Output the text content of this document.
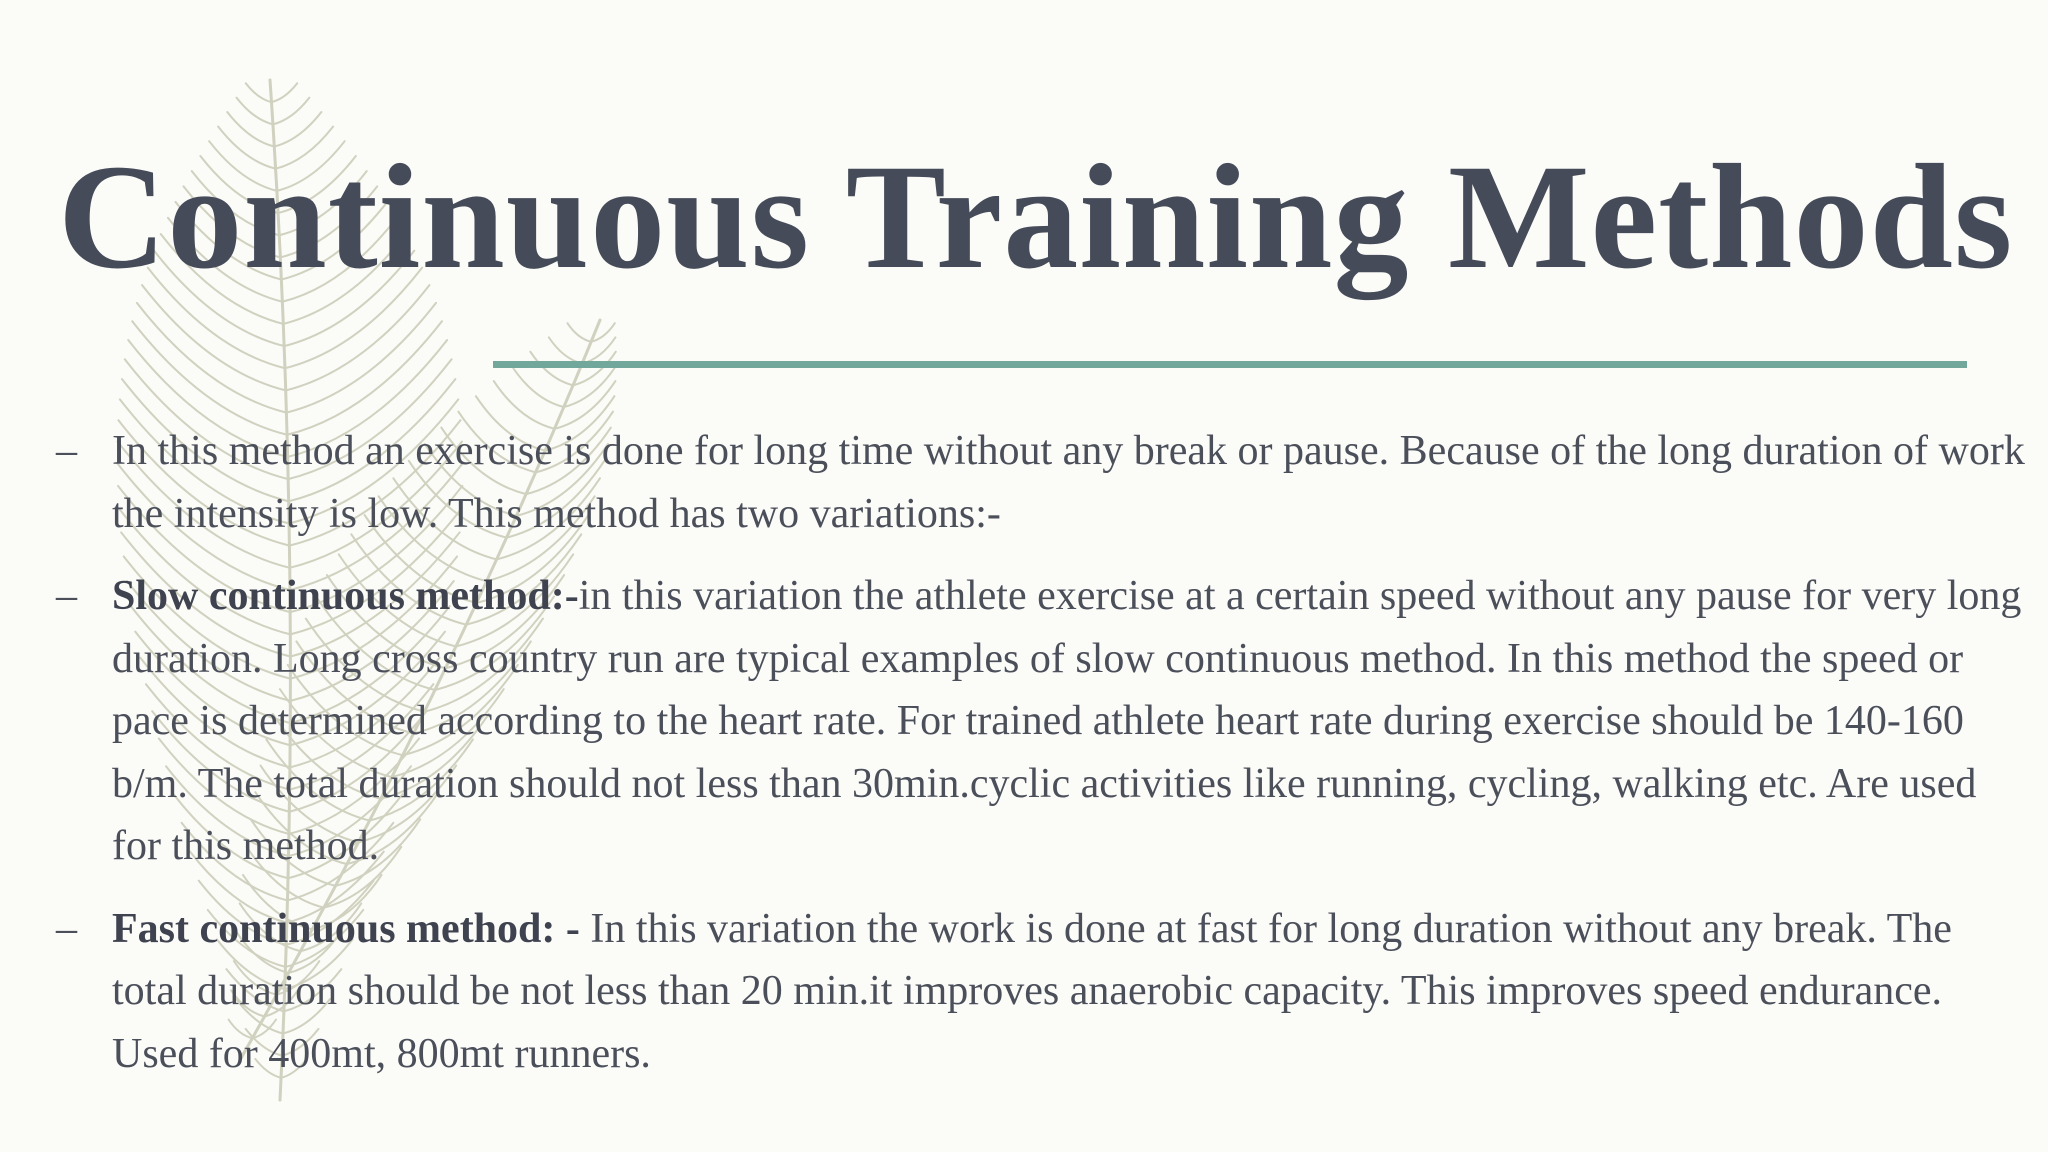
Continuous Training Methods
– In this method an exercise is done for long time without any break or pause. Because of the long duration of work the intensity is low. This method has two variations:-
– Slow continuous method:-in this variation the athlete exercise at a certain speed without any pause for very long duration. Long cross country run are typical examples of slow continuous method. In this method the speed or pace is determined according to the heart rate. For trained athlete heart rate during exercise should be 140-160 b/m. The total duration should not less than 30min.cyclic activities like running, cycling, walking etc. Are used for this method.
– Fast continuous method: - In this variation the work is done at fast for long duration without any break. The total duration should be not less than 20 min.it improves anaerobic capacity. This improves speed endurance. Used for 400mt, 800mt runners.
